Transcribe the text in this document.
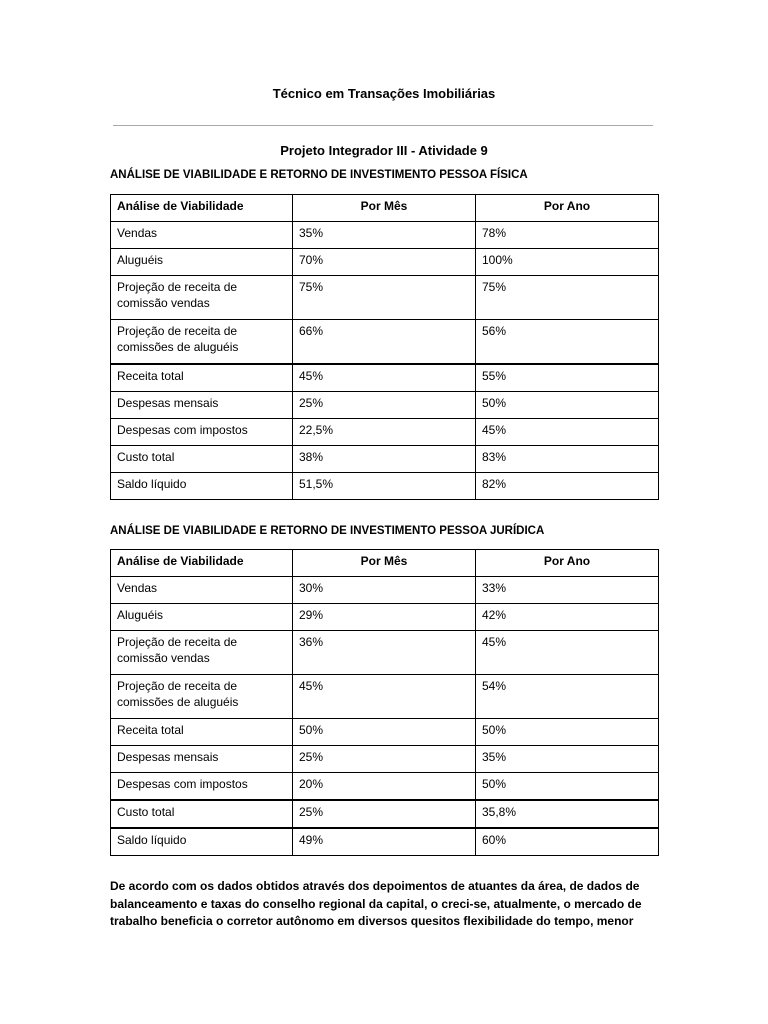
Técnico em Transações Imobiliárias
Projeto Integrador III - Atividade 9
ANÁLISE DE VIABILIDADE E RETORNO DE INVESTIMENTO PESSOA FÍSICA
Análise de Viabilidade	Por Mês	Por Ano
Vendas	35%	78%
Aluguéis	70%	100%
Projeção de receita de comissão vendas	75%	75%
Projeção de receita de comissões de aluguéis	66%	56%
Receita total	45%	55%
Despesas mensais	25%	50%
Despesas com impostos	22,5%	45%
Custo total	38%	83%
Saldo líquido	51,5%	82%
ANÁLISE DE VIABILIDADE E RETORNO DE INVESTIMENTO PESSOA JURÍDICA
Análise de Viabilidade	Por Mês	Por Ano
Vendas	30%	33%
Aluguéis	29%	42%
Projeção de receita de comissão vendas	36%	45%
Projeção de receita de comissões de aluguéis	45%	54%
Receita total	50%	50%
Despesas mensais	25%	35%
Despesas com impostos	20%	50%
Custo total	25%	35,8%
Saldo líquido	49%	60%
De acordo com os dados obtidos através dos depoimentos de atuantes da área, de dados de
balanceamento e taxas do conselho regional da capital, o creci-se, atualmente, o mercado de
trabalho beneficia o corretor autônomo em diversos quesitos flexibilidade do tempo, menor
